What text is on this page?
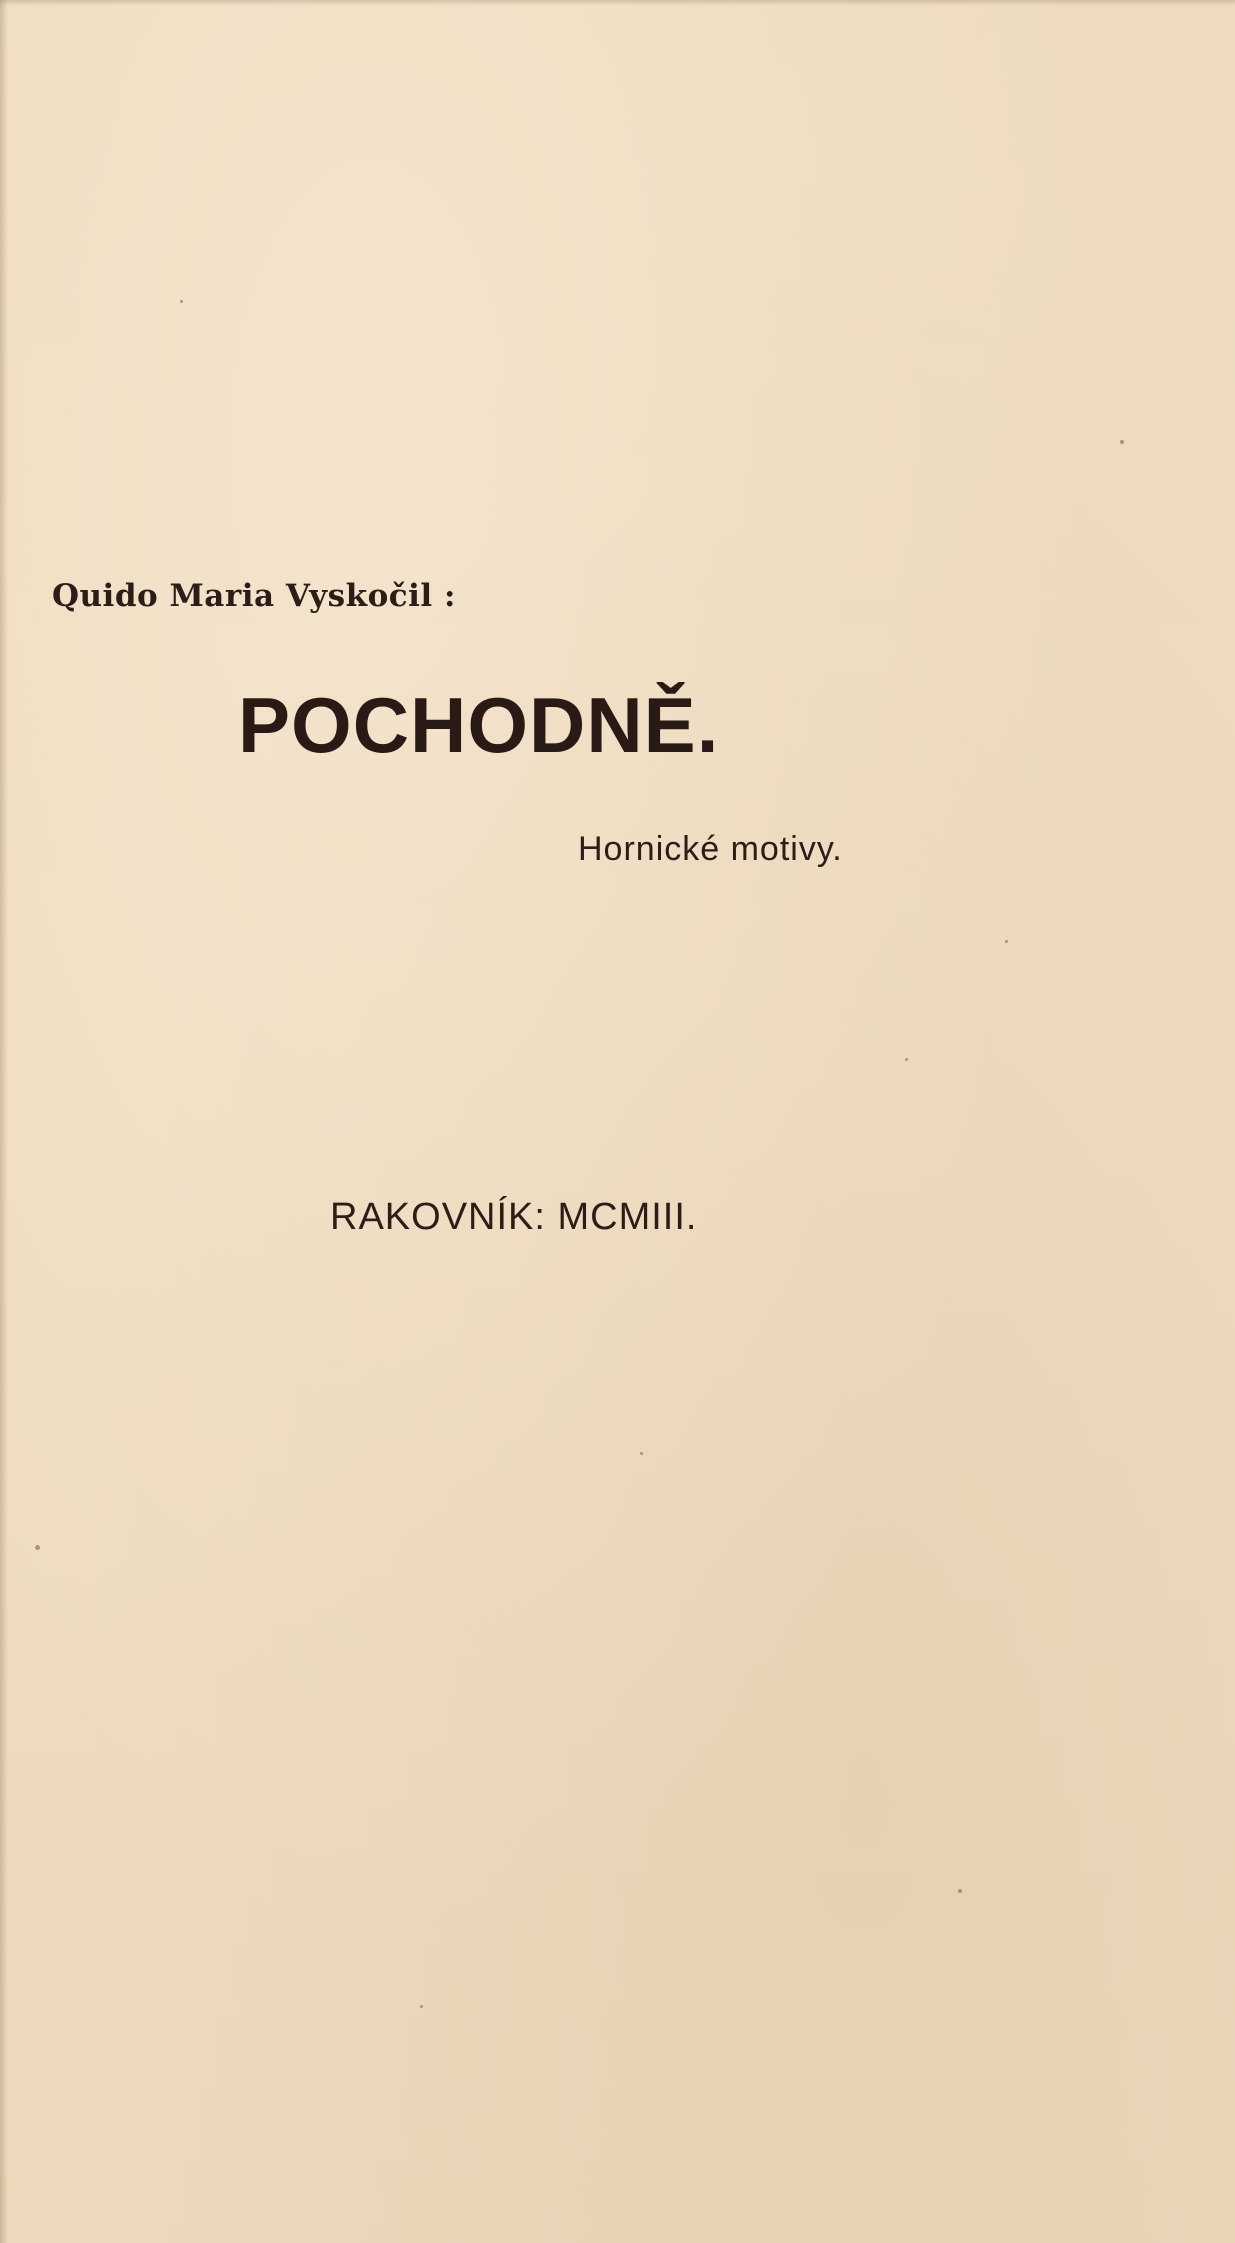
Quido Maria Vyskočil :
POCHODNĚ.
Hornické motivy.
RAKOVNÍK: MCMIII.
